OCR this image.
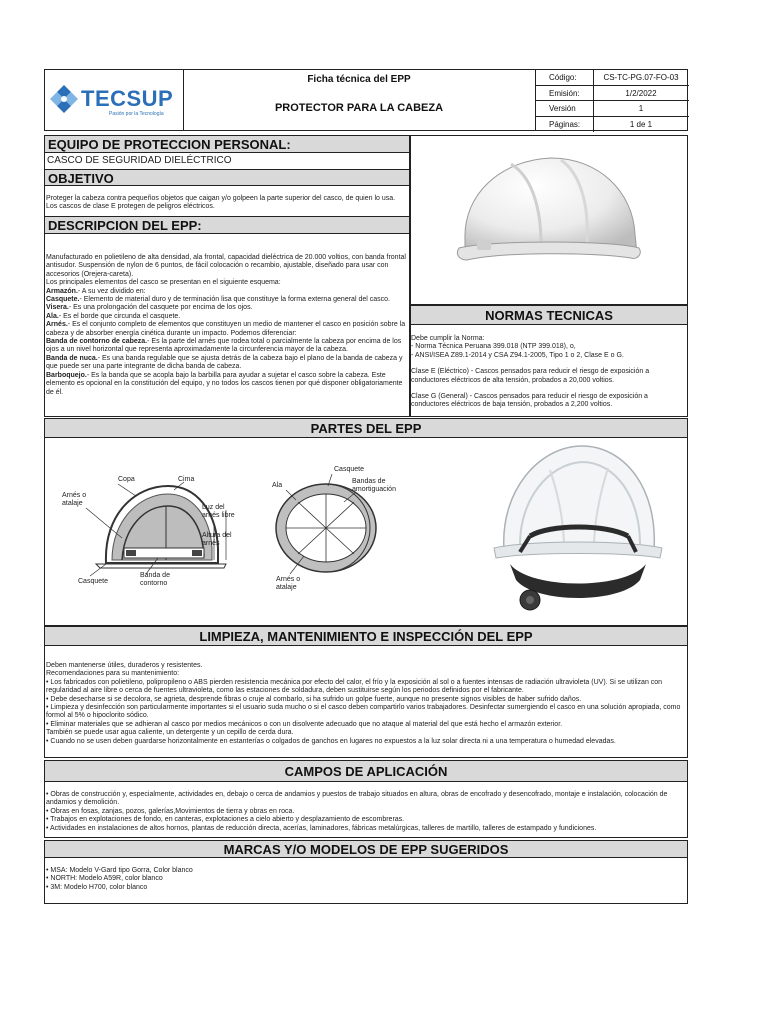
TECSUP
Pasión por la Tecnología
Ficha técnica del EPP
PROTECTOR PARA LA CABEZA
Código:	CS-TC-PG.07-FO-03
Emisión:	1/2/2022
Versión	1
Páginas:	1 de 1
EQUIPO DE PROTECCION PERSONAL:
CASCO DE SEGURIDAD DIELÉCTRICO
OBJETIVO
Proteger la cabeza contra pequeños objetos que caigan y/o golpeen la parte superior del casco, de quien lo usa. Los cascos de clase E protegen de peligros eléctricos.
DESCRIPCION DEL EPP:
Manufacturado en polietileno de alta densidad, ala frontal, capacidad dieléctrica de 20.000 voltios, con banda frontal antisudor. Suspensión de nylon de 6 puntos, de fácil colocación o recambio, ajustable, diseñado para usar con accesorios (Orejera-careta).
Los principales elementos del casco se presentan en el siguiente esquema:
Armazón.- A su vez dividido en:
Casquete.- Elemento de material duro y de terminación lisa que constituye la forma externa general del casco.
Visera.- Es una prolongación del casquete por encima de los ojos.
Ala.- Es el borde que circunda el casquete.
Arnés.- Es el conjunto completo de elementos que constituyen un medio de mantener el casco en posición sobre la cabeza y de absorber energía cinética durante un impacto. Podemos diferenciar:
Banda de contorno de cabeza.- Es la parte del arnés que rodea total o parcialmente la cabeza por encima de los ojos a un nivel horizontal que representa aproximadamente la circunferencia mayor de la cabeza.
Banda de nuca.- Es una banda regulable que se ajusta detrás de la cabeza bajo el plano de la banda de cabeza y que puede ser una parte integrante de dicha banda de cabeza.
Barboquejo.- Es la banda que se acopla bajo la barbilla para ayudar a sujetar el casco sobre la cabeza. Este elemento es opcional en la constitución del equipo, y no todos los cascos tienen por qué disponer obligatoriamente de él.
NORMAS TECNICAS
Debe cumplir la Norma:
- Norma Técnica Peruana 399.018 (NTP 399.018), o,
- ANSI/ISEA Z89.1-2014 y CSA Z94.1-2005, Tipo 1 o 2, Clase E o G.
Clase E (Eléctrico) - Cascos pensados para reducir el riesgo de exposición a conductores eléctricos de alta tensión, probados a 20,000 voltios.
Clase G (General) - Cascos pensados para reducir el riesgo de exposición a conductores eléctricos de baja tensión, probados a 2,200 voltios.
PARTES DEL EPP
Copa	Cima
Arnés o atalaje
Luz del arnés libre
Altura del arnés
Casquete
Banda de contorno
Casquete
Ala
Bandas de amortiguación
Arnés o atalaje
LIMPIEZA, MANTENIMIENTO E INSPECCIÓN DEL EPP
Deben mantenerse útiles, duraderos y resistentes.
Recomendaciones para su mantenimiento:
• Los fabricados con polietileno, polipropileno o ABS pierden resistencia mecánica por efecto del calor, el frío y la exposición al sol o a fuentes intensas de radiación ultravioleta (UV). Si se utilizan con regularidad al aire libre o cerca de fuentes ultravioleta, como las estaciones de soldadura, deben sustituirse según los periodos definidos por el fabricante.
• Debe desecharse si se decolora, se agrieta, desprende fibras o cruje al combarlo, si ha sufrido un golpe fuerte, aunque no presente signos visibles de haber sufrido daños.
• Limpieza y desinfección son particularmente importantes si el usuario suda mucho o si el casco deben compartirlo varios trabajadores. Desinfectar sumergiendo el casco en una solución apropiada, como formol al 5% o hipoclorito sódico.
• Eliminar materiales que se adhieran al casco por medios mecánicos o con un disolvente adecuado que no ataque al material del que está hecho el armazón exterior.
También se puede usar agua caliente, un detergente y un cepillo de cerda dura.
• Cuando no se usen deben guardarse horizontalmente en estanterías o colgados de ganchos en lugares no expuestos a la luz solar directa ni a una temperatura o humedad elevadas.
CAMPOS DE APLICACIÓN
• Obras de construcción y, especialmente, actividades en, debajo o cerca de andamios y puestos de trabajo situados en altura, obras de encofrado y desencofrado, montaje e instalación, colocación de andamios y demolición.
• Obras en fosas, zanjas, pozos, galerías,Movimientos de tierra y obras en roca.
• Trabajos en explotaciones de fondo, en canteras, explotaciones a cielo abierto y desplazamiento de escombreras.
• Actividades en instalaciones de altos hornos, plantas de reducción directa, acerías, laminadores, fábricas metalúrgicas, talleres de martillo, talleres de estampado y fundiciones.
MARCAS Y/O MODELOS DE EPP SUGERIDOS
• MSA: Modelo V-Gard tipo Gorra, Color blanco
• NORTH: Modelo A59R, color blanco
• 3M: Modelo H700, color blanco
